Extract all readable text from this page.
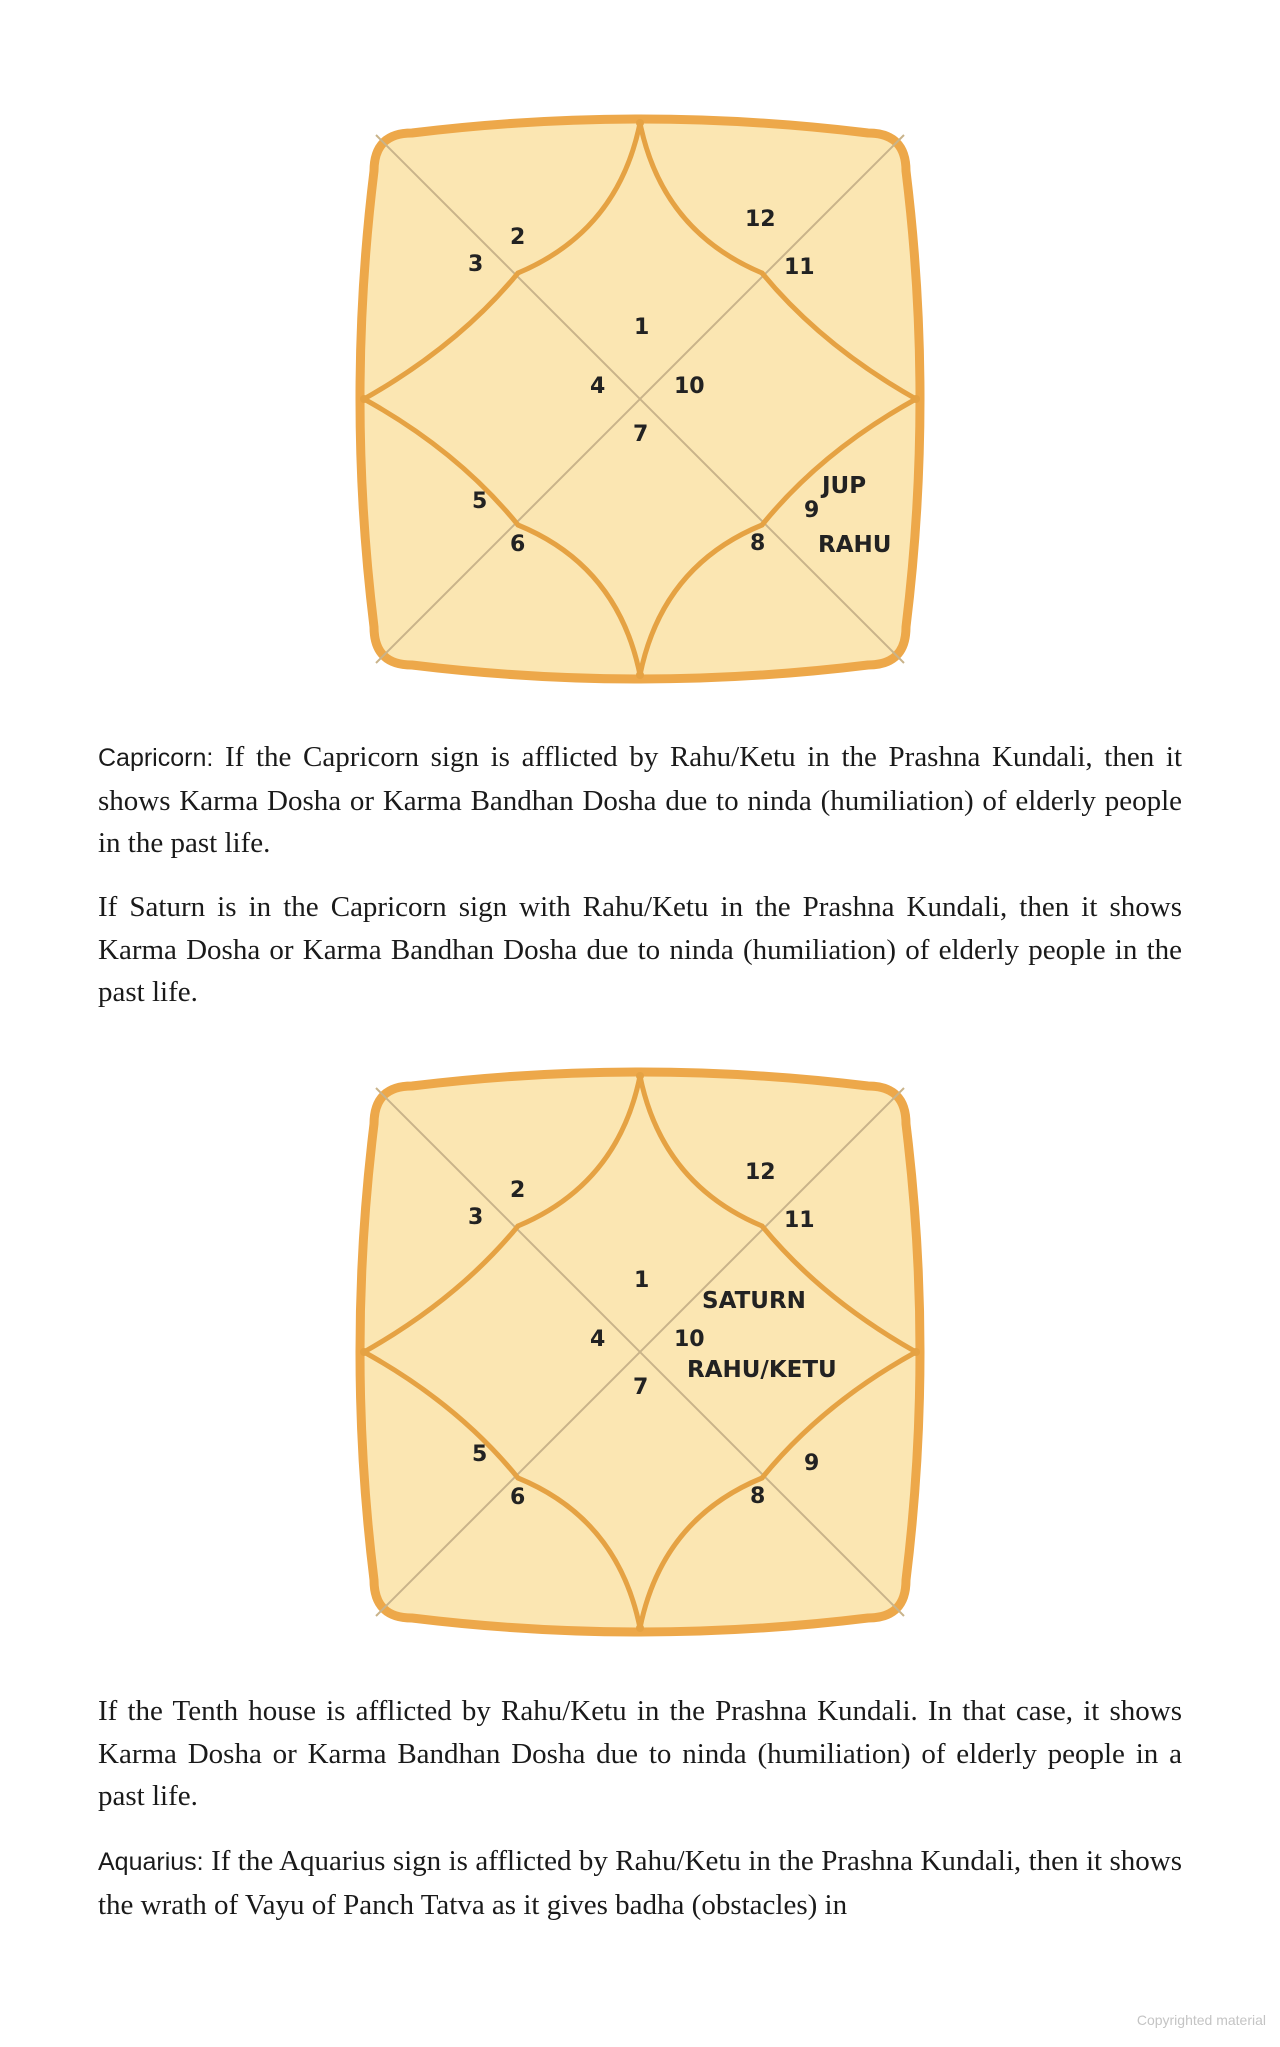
1
2
3
4
5
6
7
8
9
10
11
12
JUP
RAHU

Capricorn: If the Capricorn sign is afflicted by Rahu/Ketu in the Prashna Kundali, then it shows Karma Dosha or Karma Bandhan Dosha due to ninda (humiliation) of elderly people in the past life.

If Saturn is in the Capricorn sign with Rahu/Ketu in the Prashna Kundali, then it shows Karma Dosha or Karma Bandhan Dosha due to ninda (humiliation) of elderly people in the past life.

1
2
3
4
5
6
7
8
9
10
11
12
SATURN
RAHU/KETU

If the Tenth house is afflicted by Rahu/Ketu in the Prashna Kundali. In that case, it shows Karma Dosha or Karma Bandhan Dosha due to ninda (humiliation) of elderly people in a past life.

Aquarius: If the Aquarius sign is afflicted by Rahu/Ketu in the Prashna Kundali, then it shows the wrath of Vayu of Panch Tatva as it gives badha (obstacles) in

Copyrighted material
